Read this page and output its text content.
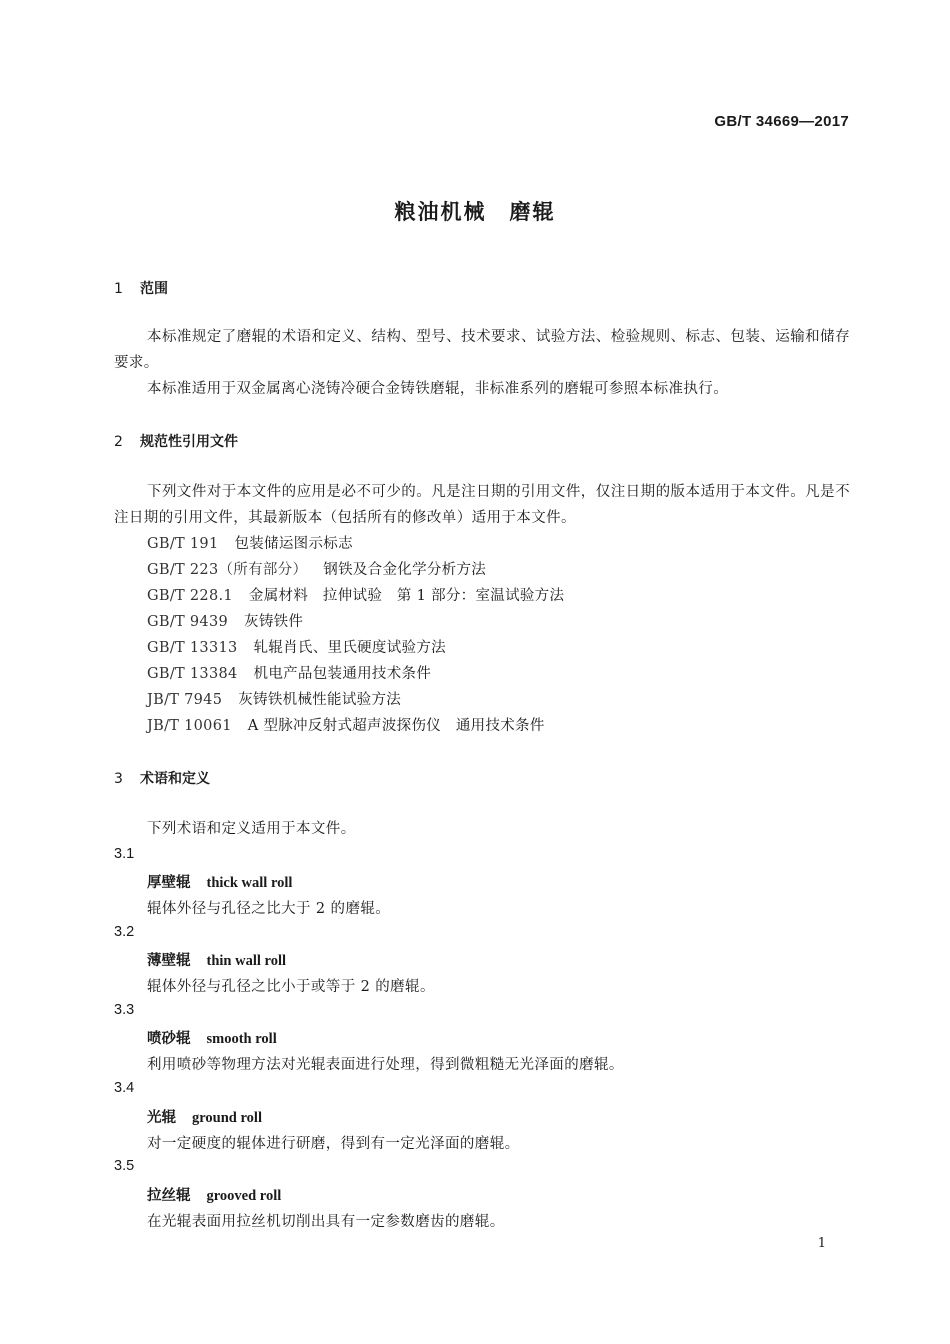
GB/T 34669—2017
粮油机械　磨辊
1 范围
本标准规定了磨辊的术语和定义、结构、型号、技术要求、试验方法、检验规则、标志、包装、运输和储存要求。
本标准适用于双金属离心浇铸冷硬合金铸铁磨辊，非标准系列的磨辊可参照本标准执行。
2 规范性引用文件
下列文件对于本文件的应用是必不可少的。凡是注日期的引用文件，仅注日期的版本适用于本文件。凡是不注日期的引用文件，其最新版本（包括所有的修改单）适用于本文件。
GB/T 191 包装储运图示标志
GB/T 223（所有部分） 钢铁及合金化学分析方法
GB/T 228.1 金属材料　拉伸试验　第 1 部分：室温试验方法
GB/T 9439 灰铸铁件
GB/T 13313 轧辊肖氏、里氏硬度试验方法
GB/T 13384 机电产品包装通用技术条件
JB/T 7945 灰铸铁机械性能试验方法
JB/T 10061 A 型脉冲反射式超声波探伤仪　通用技术条件
3 术语和定义
下列术语和定义适用于本文件。
3.1
厚壁辊 thick wall roll
辊体外径与孔径之比大于 2 的磨辊。
3.2
薄壁辊 thin wall roll
辊体外径与孔径之比小于或等于 2 的磨辊。
3.3
喷砂辊 smooth roll
利用喷砂等物理方法对光辊表面进行处理，得到微粗糙无光泽面的磨辊。
3.4
光辊 ground roll
对一定硬度的辊体进行研磨，得到有一定光泽面的磨辊。
3.5
拉丝辊 grooved roll
在光辊表面用拉丝机切削出具有一定参数磨齿的磨辊。
1
